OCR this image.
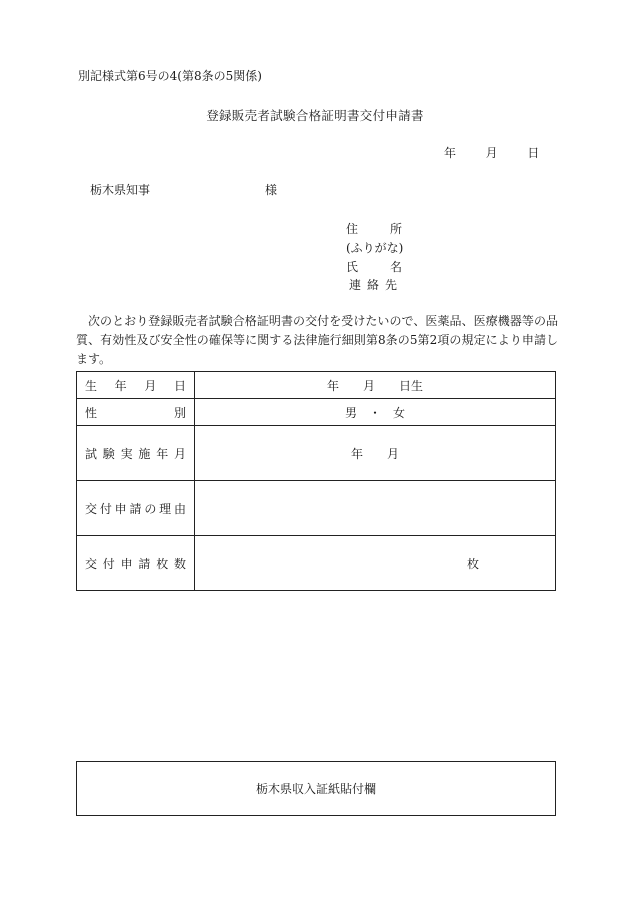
別記様式第6号の4(第8条の5関係)
登録販売者試験合格証明書交付申請書
年 月 日
栃木県知事	様
住所
(ふりがな)
氏名
連絡先
次のとおり登録販売者試験合格証明書の交付を受けたいので、医薬品、医療機器等の品質、有効性及び安全性の確保等に関する法律施行細則第8条の5第2項の規定により申請します。
生年月日	年　　月　　日生
性別	男　・　女
試験実施年月	年　　月
交付申請の理由	
交付申請枚数	枚
栃木県収入証紙貼付欄
